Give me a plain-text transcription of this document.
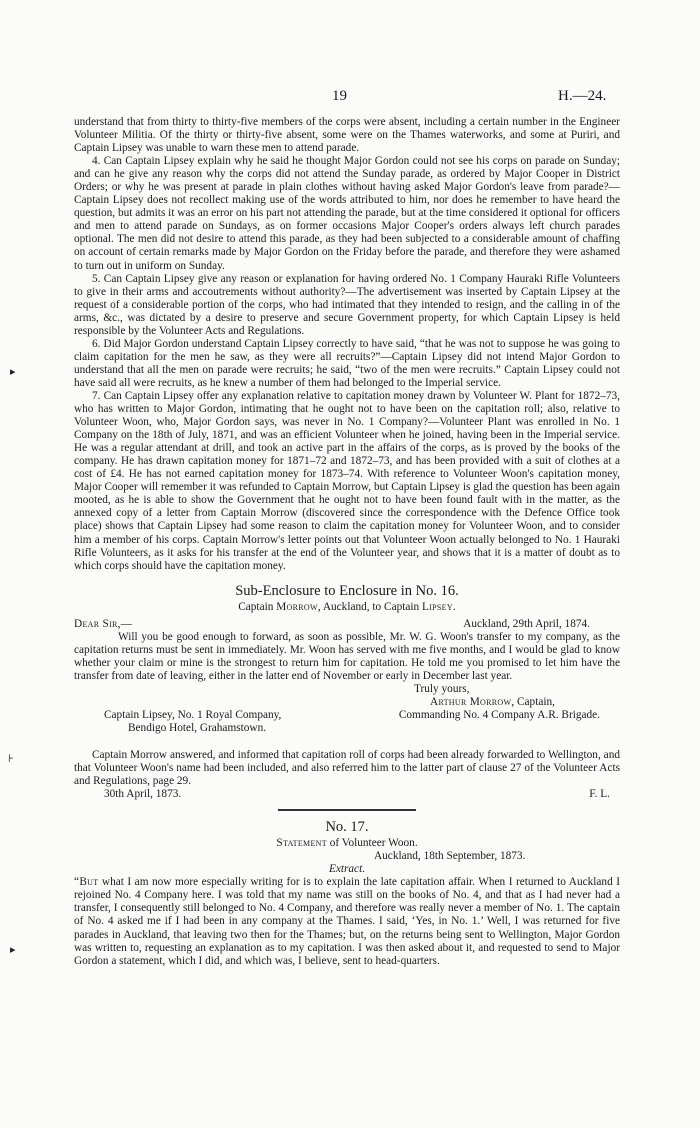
19	H.—24.
▸
⊦
▸

understand that from thirty to thirty-five members of the corps were absent, including a certain number in the Engineer Volunteer Militia. Of the thirty or thirty-five absent, some were on the Thames waterworks, and some at Puriri, and Captain Lipsey was unable to warn these men to attend parade.

4. Can Captain Lipsey explain why he said he thought Major Gordon could not see his corps on parade on Sunday; and can he give any reason why the corps did not attend the Sunday parade, as ordered by Major Cooper in District Orders; or why he was present at parade in plain clothes without having asked Major Gordon's leave from parade?—Captain Lipsey does not recollect making use of the words attributed to him, nor does he remember to have heard the question, but admits it was an error on his part not attending the parade, but at the time considered it optional for officers and men to attend parade on Sundays, as on former occasions Major Cooper's orders always left church parades optional. The men did not desire to attend this parade, as they had been subjected to a considerable amount of chaffing on account of certain remarks made by Major Gordon on the Friday before the parade, and therefore they were ashamed to turn out in uniform on Sunday.

5. Can Captain Lipsey give any reason or explanation for having ordered No. 1 Company Hauraki Rifle Volunteers to give in their arms and accoutrements without authority?—The advertisement was inserted by Captain Lipsey at the request of a considerable portion of the corps, who had intimated that they intended to resign, and the calling in of the arms, &c., was dictated by a desire to preserve and secure Government property, for which Captain Lipsey is held responsible by the Volunteer Acts and Regulations.

6. Did Major Gordon understand Captain Lipsey correctly to have said, “that he was not to suppose he was going to claim capitation for the men he saw, as they were all recruits?”—Captain Lipsey did not intend Major Gordon to understand that all the men on parade were recruits; he said, “two of the men were recruits.” Captain Lipsey could not have said all were recruits, as he knew a number of them had belonged to the Imperial service.

7. Can Captain Lipsey offer any explanation relative to capitation money drawn by Volunteer W. Plant for 1872–73, who has written to Major Gordon, intimating that he ought not to have been on the capitation roll; also, relative to Volunteer Woon, who, Major Gordon says, was never in No. 1 Company?—Volunteer Plant was enrolled in No. 1 Company on the 18th of July, 1871, and was an efficient Volunteer when he joined, having been in the Imperial service. He was a regular attendant at drill, and took an active part in the affairs of the corps, as is proved by the books of the company. He has drawn capitation money for 1871–72 and 1872–73, and has been provided with a suit of clothes at a cost of £4. He has not earned capitation money for 1873–74. With reference to Volunteer Woon's capitation money, Major Cooper will remember it was refunded to Captain Morrow, but Captain Lipsey is glad the question has been again mooted, as he is able to show the Government that he ought not to have been found fault with in the matter, as the annexed copy of a letter from Captain Morrow (discovered since the correspondence with the Defence Office took place) shows that Captain Lipsey had some reason to claim the capitation money for Volunteer Woon, and to consider him a member of his corps. Captain Morrow's letter points out that Volunteer Woon actually belonged to No. 1 Hauraki Rifle Volunteers, as it asks for his transfer at the end of the Volunteer year, and shows that it is a matter of doubt as to which corps should have the capitation money.

Sub-Enclosure to Enclosure in No. 16.
Captain Morrow, Auckland, to Captain Lipsey.
Dear Sir,—	Auckland, 29th April, 1874.

Will you be good enough to forward, as soon as possible, Mr. W. G. Woon's transfer to my company, as the capitation returns must be sent in immediately. Mr. Woon has served with me five months, and I would be glad to know whether your claim or mine is the strongest to return him for capitation. He told me you promised to let him have the transfer from date of leaving, either in the latter end of November or early in December last year.

Truly yours,
Arthur Morrow, Captain,
Captain Lipsey, No. 1 Royal Company,	Commanding No. 4 Company A.R. Brigade.
Bendigo Hotel, Grahamstown.

Captain Morrow answered, and informed that capitation roll of corps had been already forwarded to Wellington, and that Volunteer Woon's name had been included, and also referred him to the latter part of clause 27 of the Volunteer Acts and Regulations, page 29.

30th April, 1873.	F. L.
No. 17.
Statement of Volunteer Woon.
Auckland, 18th September, 1873.
Extract.

“But what I am now more especially writing for is to explain the late capitation affair. When I returned to Auckland I rejoined No. 4 Company here. I was told that my name was still on the books of No. 4, and that as I had never had a transfer, I consequently still belonged to No. 4 Company, and therefore was really never a member of No. 1. The captain of No. 4 asked me if I had been in any company at the Thames. I said, ‘Yes, in No. 1.’ Well, I was returned for five parades in Auckland, that leaving two then for the Thames; but, on the returns being sent to Wellington, Major Gordon was written to, requesting an explanation as to my capitation. I was then asked about it, and requested to send to Major Gordon a statement, which I did, and which was, I believe, sent to head-quarters.
